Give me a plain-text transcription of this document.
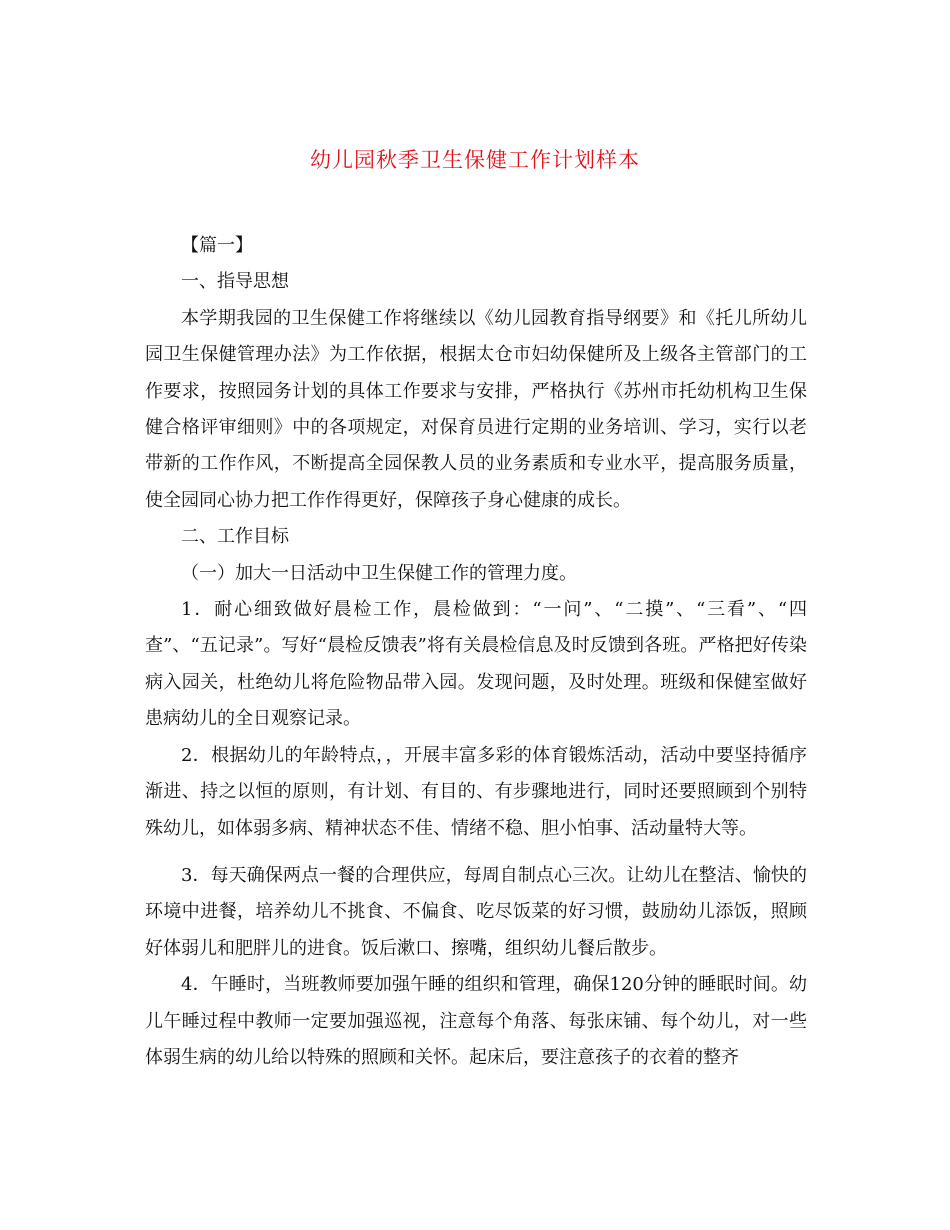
幼儿园秋季卫生保健工作计划样本

【篇一】

一、指导思想

本学期我园的卫生保健工作将继续以《幼儿园教育指导纲要》和《托儿所幼儿园卫生保健管理办法》为工作依据，根据太仓市妇幼保健所及上级各主管部门的工作要求，按照园务计划的具体工作要求与安排，严格执行《苏州市托幼机构卫生保健合格评审细则》中的各项规定，对保育员进行定期的业务培训、学习，实行以老带新的工作作风，不断提高全园保教人员的业务素质和专业水平，提高服务质量，使全园同心协力把工作作得更好，保障孩子身心健康的成长。

二、工作目标

（一）加大一日活动中卫生保健工作的管理力度。

1．耐心细致做好晨检工作，晨检做到：“一问”、“二摸”、“三看”、“四查”、“五记录”。写好“晨检反馈表”将有关晨检信息及时反馈到各班。严格把好传染病入园关，杜绝幼儿将危险物品带入园。发现问题，及时处理。班级和保健室做好患病幼儿的全日观察记录。

2．根据幼儿的年龄特点，，开展丰富多彩的体育锻炼活动，活动中要坚持循序渐进、持之以恒的原则，有计划、有目的、有步骤地进行，同时还要照顾到个别特殊幼儿，如体弱多病、精神状态不佳、情绪不稳、胆小怕事、活动量特大等。

3．每天确保两点一餐的合理供应，每周自制点心三次。让幼儿在整洁、愉快的环境中进餐，培养幼儿不挑食、不偏食、吃尽饭菜的好习惯，鼓励幼儿添饭，照顾好体弱儿和肥胖儿的进食。饭后漱口、擦嘴，组织幼儿餐后散步。

4．午睡时，当班教师要加强午睡的组织和管理，确保120分钟的睡眠时间。幼儿午睡过程中教师一定要加强巡视，注意每个角落、每张床铺、每个幼儿，对一些体弱生病的幼儿给以特殊的照顾和关怀。起床后，要注意孩子的衣着的整齐
